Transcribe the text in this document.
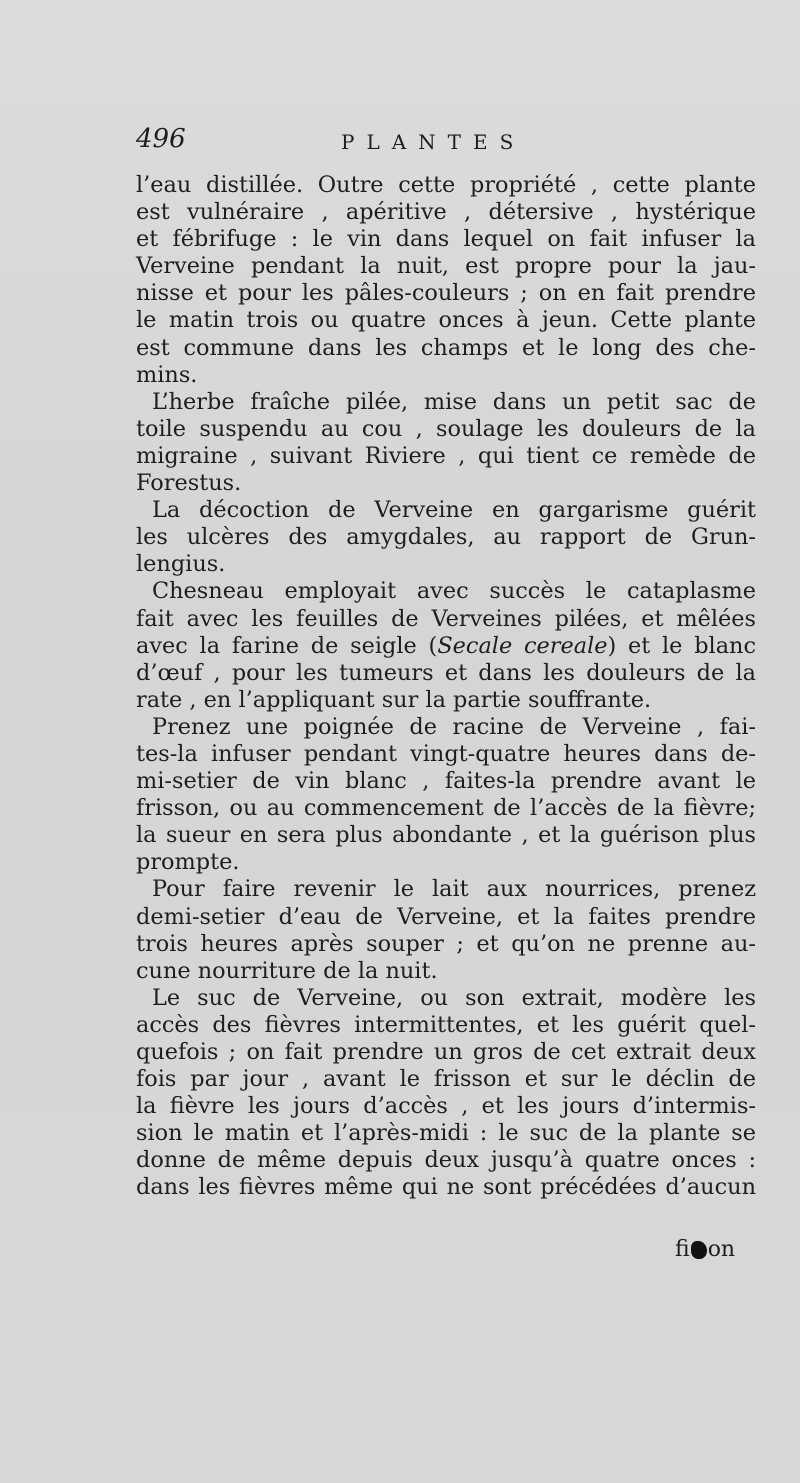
496	PLANTES
l’eau distillée. Outre cette propriété , cette plante
est vulnéraire , apéritive , détersive , hystérique
et fébrifuge : le vin dans lequel on fait infuser la
Verveine pendant la nuit, est propre pour la jau-
nisse et pour les pâles-couleurs ; on en fait prendre
le matin trois ou quatre onces à jeun. Cette plante
est commune dans les champs et le long des che-
mins.
L’herbe fraîche pilée, mise dans un petit sac de
toile suspendu au cou , soulage les douleurs de la
migraine , suivant Riviere , qui tient ce remède de
Forestus.
La décoction de Verveine en gargarisme guérit
les ulcères des amygdales, au rapport de Grun-
lengius.
Chesneau employait avec succès le cataplasme
fait avec les feuilles de Verveines pilées, et mêlées
avec la farine de seigle (Secale cereale) et le blanc
d’œuf , pour les tumeurs et dans les douleurs de la
rate , en l’appliquant sur la partie souffrante.
Prenez une poignée de racine de Verveine , fai-
tes-la infuser pendant vingt-quatre heures dans de-
mi-setier de vin blanc , faites-la prendre avant le
frisson, ou au commencement de l’accès de la fièvre;
la sueur en sera plus abondante , et la guérison plus
prompte.
Pour faire revenir le lait aux nourrices, prenez
demi-setier d’eau de Verveine, et la faites prendre
trois heures après souper ; et qu’on ne prenne au-
cune nourriture de la nuit.
Le suc de Verveine, ou son extrait, modère les
accès des fièvres intermittentes, et les guérit quel-
quefois ; on fait prendre un gros de cet extrait deux
fois par jour , avant le frisson et sur le déclin de
la fièvre les jours d’accès , et les jours d’intermis-
sion le matin et l’après-midi : le suc de la plante se
donne de même depuis deux jusqu’à quatre onces :
dans les fièvres même qui ne sont précédées d’aucun
fi on
